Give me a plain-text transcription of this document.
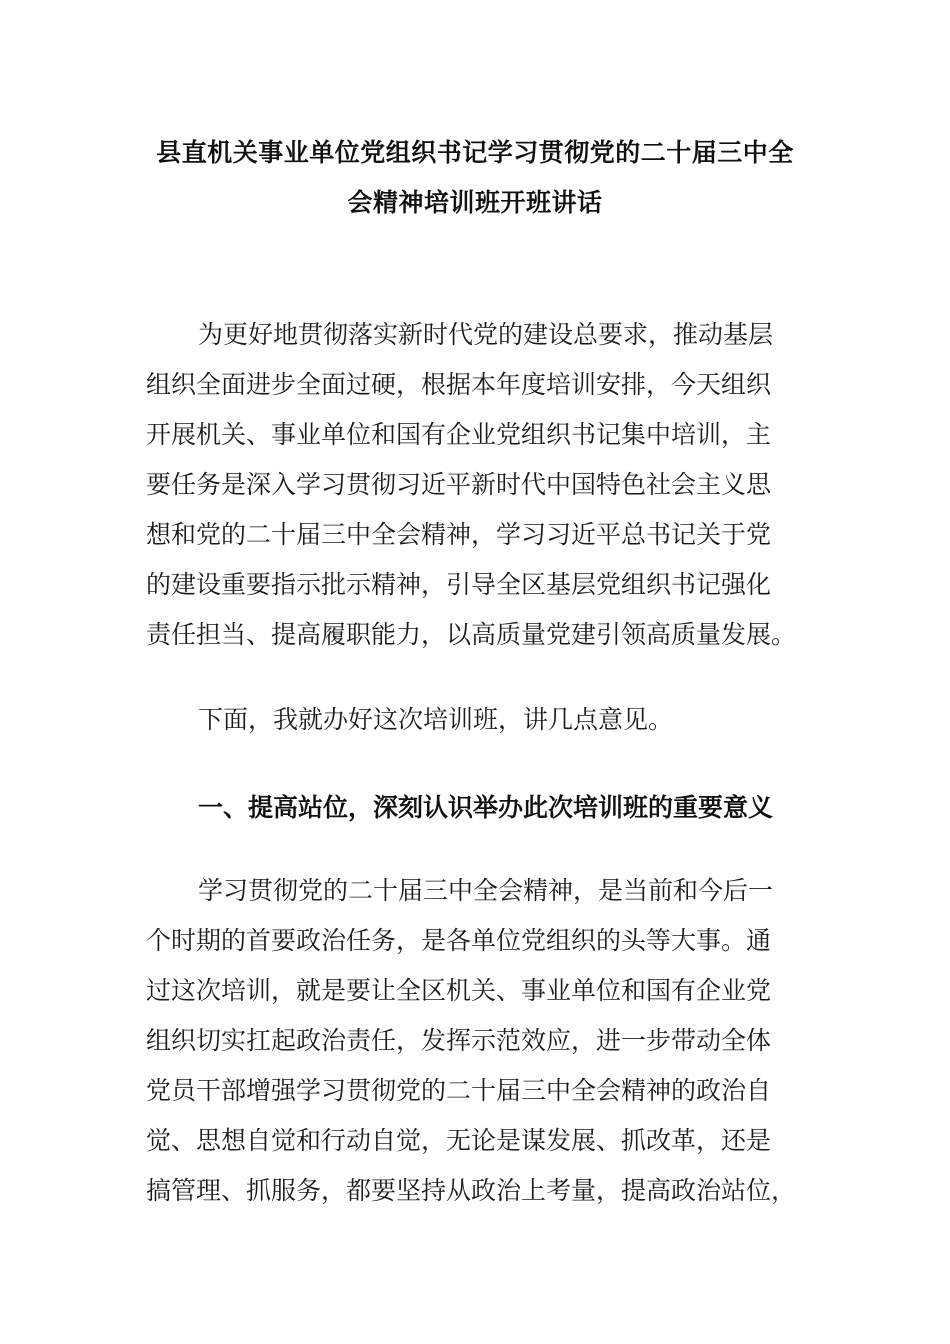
县直机关事业单位党组织书记学习贯彻党的二十届三中全
会精神培训班开班讲话
为更好地贯彻落实新时代党的建设总要求，推动基层
组织全面进步全面过硬，根据本年度培训安排，今天组织
开展机关、事业单位和国有企业党组织书记集中培训，主
要任务是深入学习贯彻习近平新时代中国特色社会主义思
想和党的二十届三中全会精神，学习习近平总书记关于党
的建设重要指示批示精神，引导全区基层党组织书记强化
责任担当、提高履职能力，以高质量党建引领高质量发展。
下面，我就办好这次培训班，讲几点意见。
一、提高站位，深刻认识举办此次培训班的重要意义
学习贯彻党的二十届三中全会精神，是当前和今后一
个时期的首要政治任务，是各单位党组织的头等大事。通
过这次培训，就是要让全区机关、事业单位和国有企业党
组织切实扛起政治责任，发挥示范效应，进一步带动全体
党员干部增强学习贯彻党的二十届三中全会精神的政治自
觉、思想自觉和行动自觉，无论是谋发展、抓改革，还是
搞管理、抓服务，都要坚持从政治上考量，提高政治站位，
